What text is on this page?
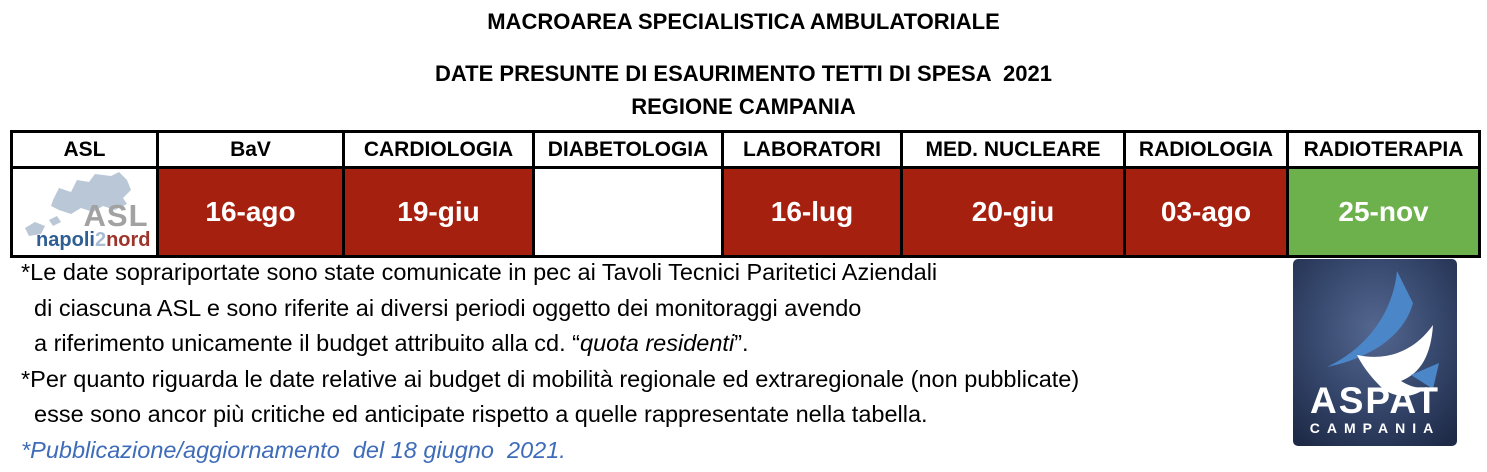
MACROAREA SPECIALISTICA AMBULATORIALE
DATE PRESUNTE DI ESAURIMENTO TETTI DI SPESA  2021
REGIONE CAMPANIA
ASL	BaV	CARDIOLOGIA	DIABETOLOGIA	LABORATORI	MED. NUCLEARE	RADIOLOGIA	RADIOTERAPIA

ASL
napoli2nord	16-ago	19-giu		16-lug	20-giu	03-ago	25-nov
*Le date soprariportate sono state comunicate in pec ai Tavoli Tecnici Paritetici Aziendali
di ciascuna ASL e sono riferite ai diversi periodi oggetto dei monitoraggi avendo
a riferimento unicamente il budget attribuito alla cd. “quota residenti”.
*Per quanto riguarda le date relative ai budget di mobilità regionale ed extraregionale (non pubblicate)
esse sono ancor più critiche ed anticipate rispetto a quelle rappresentate nella tabella.
*Pubblicazione/aggiornamento  del 18 giugno  2021.
ASPAT
CAMPANIA
